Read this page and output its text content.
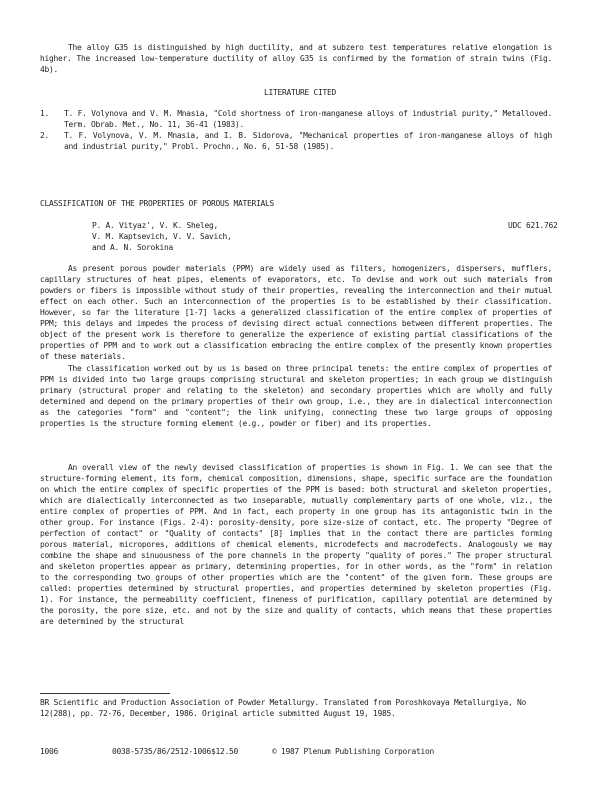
The alloy G35 is distinguished by high ductility, and at subzero test temperatures relative elongation is higher. The increased low-temperature ductility of alloy G35 is confirmed by the formation of strain twins (Fig. 4b).

LITERATURE CITED

1. T. F. Volynova and V. M. Mnasia, "Cold shortness of iron-manganese alloys of industrial purity," Metalloved. Term. Obrab. Met., No. 11, 36-41 (1983).
2. T. F. Volynova, V. M. Mnasia, and I. B. Sidorova, "Mechanical properties of iron-manganese alloys of high and industrial purity," Probl. Prochn., No. 6, 51-58 (1985).

CLASSIFICATION OF THE PROPERTIES OF POROUS MATERIALS

P. A. Vityaz', V. K. Sheleg,
V. M. Kaptsevich, V. V. Savich,
and A. N. Sorokina
UDC 621.762

As present porous powder materials (PPM) are widely used as filters, homogenizers, dispersers, mufflers, capillary structures of heat pipes, elements of evaporators, etc. To devise and work out such materials from powders or fibers is impossible without study of their properties, revealing the interconnection and their mutual effect on each other. Such an interconnection of the properties is to be established by their classification. However, so far the literature [1-7] lacks a generalized classification of the entire complex of properties of PPM; this delays and impedes the process of devising direct actual connections between different properties. The object of the present work is therefore to generalize the experience of existing partial classifications of the properties of PPM and to work out a classification embracing the entire complex of the presently known properties of these materials.

The classification worked out by us is based on three principal tenets: the entire complex of properties of PPM is divided into two large groups comprising structural and skeleton properties; in each group we distinguish primary (structural proper and relating to the skeleton) and secondary properties which are wholly and fully determined and depend on the primary properties of their own group, i.e., they are in dialectical interconnection as the categories "form" and "content"; the link unifying, connecting these two large groups of opposing properties is the structure forming element (e.g., powder or fiber) and its properties.

An overall view of the newly devised classification of properties is shown in Fig. 1. We can see that the structure-forming element, its form, chemical composition, dimensions, shape, specific surface are the foundation on which the entire complex of specific properties of the PPM is based: both structural and skeleton properties, which are dialectically interconnected as two inseparable, mutually complementary parts of one whole, viz., the entire complex of properties of PPM. And in fact, each property in one group has its antagonistic twin in the other group. For instance (Figs. 2-4): porosity-density, pore size-size of contact, etc. The property "Degree of perfection of contact" or "Quality of contacts" [8] implies that in the contact there are particles forming porous material, micropores, additions of chemical elements, microdefects and macrodefects. Analogously we may combine the shape and sinuousness of the pore channels in the property "quality of pores." The proper structural and skeleton properties appear as primary, determining properties, for in other words, as the "form" in relation to the corresponding two groups of other properties which are the "content" of the given form. These groups are called: properties determined by structural properties, and properties determined by skeleton properties (Fig. 1). For instance, the permeability coefficient, fineness of purification, capillary potential are determined by the porosity, the pore size, etc. and not by the size and quality of contacts, which means that these properties are determined by the structural

BR Scientific and Production Association of Powder Metallurgy. Translated from Poroshkovaya Metallurgiya, No 12(288), pp. 72-76, December, 1986. Original article submitted August 19, 1985.
1006	0038-5735/86/2512-1006$12.50	© 1987 Plenum Publishing Corporation
